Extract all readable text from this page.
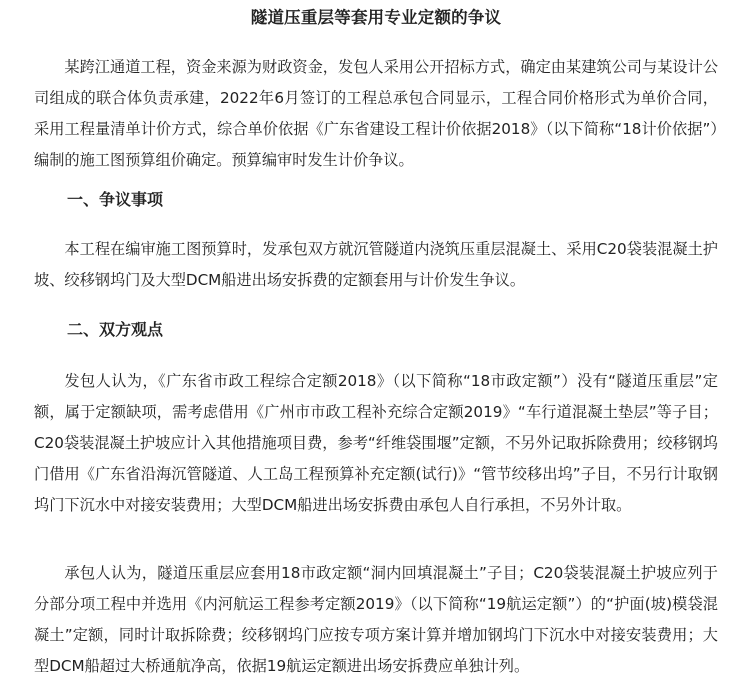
隧道压重层等套用专业定额的争议

某跨江通道工程，资金来源为财政资金，发包人采用公开招标方式，确定由某建筑公司与某设计公司组成的联合体负责承建，2022年6月签订的工程总承包合同显示，工程合同价格形式为单价合同，采用工程量清单计价方式，综合单价依据《广东省建设工程计价依据2018》（以下简称“18计价依据”）编制的施工图预算组价确定。预算编审时发生计价争议。

一、争议事项

本工程在编审施工图预算时，发承包双方就沉管隧道内浇筑压重层混凝土、采用C20袋装混凝土护坡、绞移钢坞门及大型DCM船进出场安拆费的定额套用与计价发生争议。

二、双方观点

发包人认为，《广东省市政工程综合定额2018》（以下简称“18市政定额”）没有“隧道压重层”定额，属于定额缺项，需考虑借用《广州市市政工程补充综合定额2019》“车行道混凝土垫层”等子目；C20袋装混凝土护坡应计入其他措施项目费，参考“纤维袋围堰”定额，不另外记取拆除费用；绞移钢坞门借用《广东省沿海沉管隧道、人工岛工程预算补充定额(试行)》“管节绞移出坞”子目，不另行计取钢坞门下沉水中对接安装费用；大型DCM船进出场安拆费由承包人自行承担，不另外计取。

承包人认为，隧道压重层应套用18市政定额“洞内回填混凝土”子目；C20袋装混凝土护坡应列于分部分项工程中并选用《内河航运工程参考定额2019》（以下简称“19航运定额”）的“护面(坡)模袋混凝土”定额，同时计取拆除费；绞移钢坞门应按专项方案计算并增加钢坞门下沉水中对接安装费用；大型DCM船超过大桥通航净高，依据19航运定额进出场安拆费应单独计列。
